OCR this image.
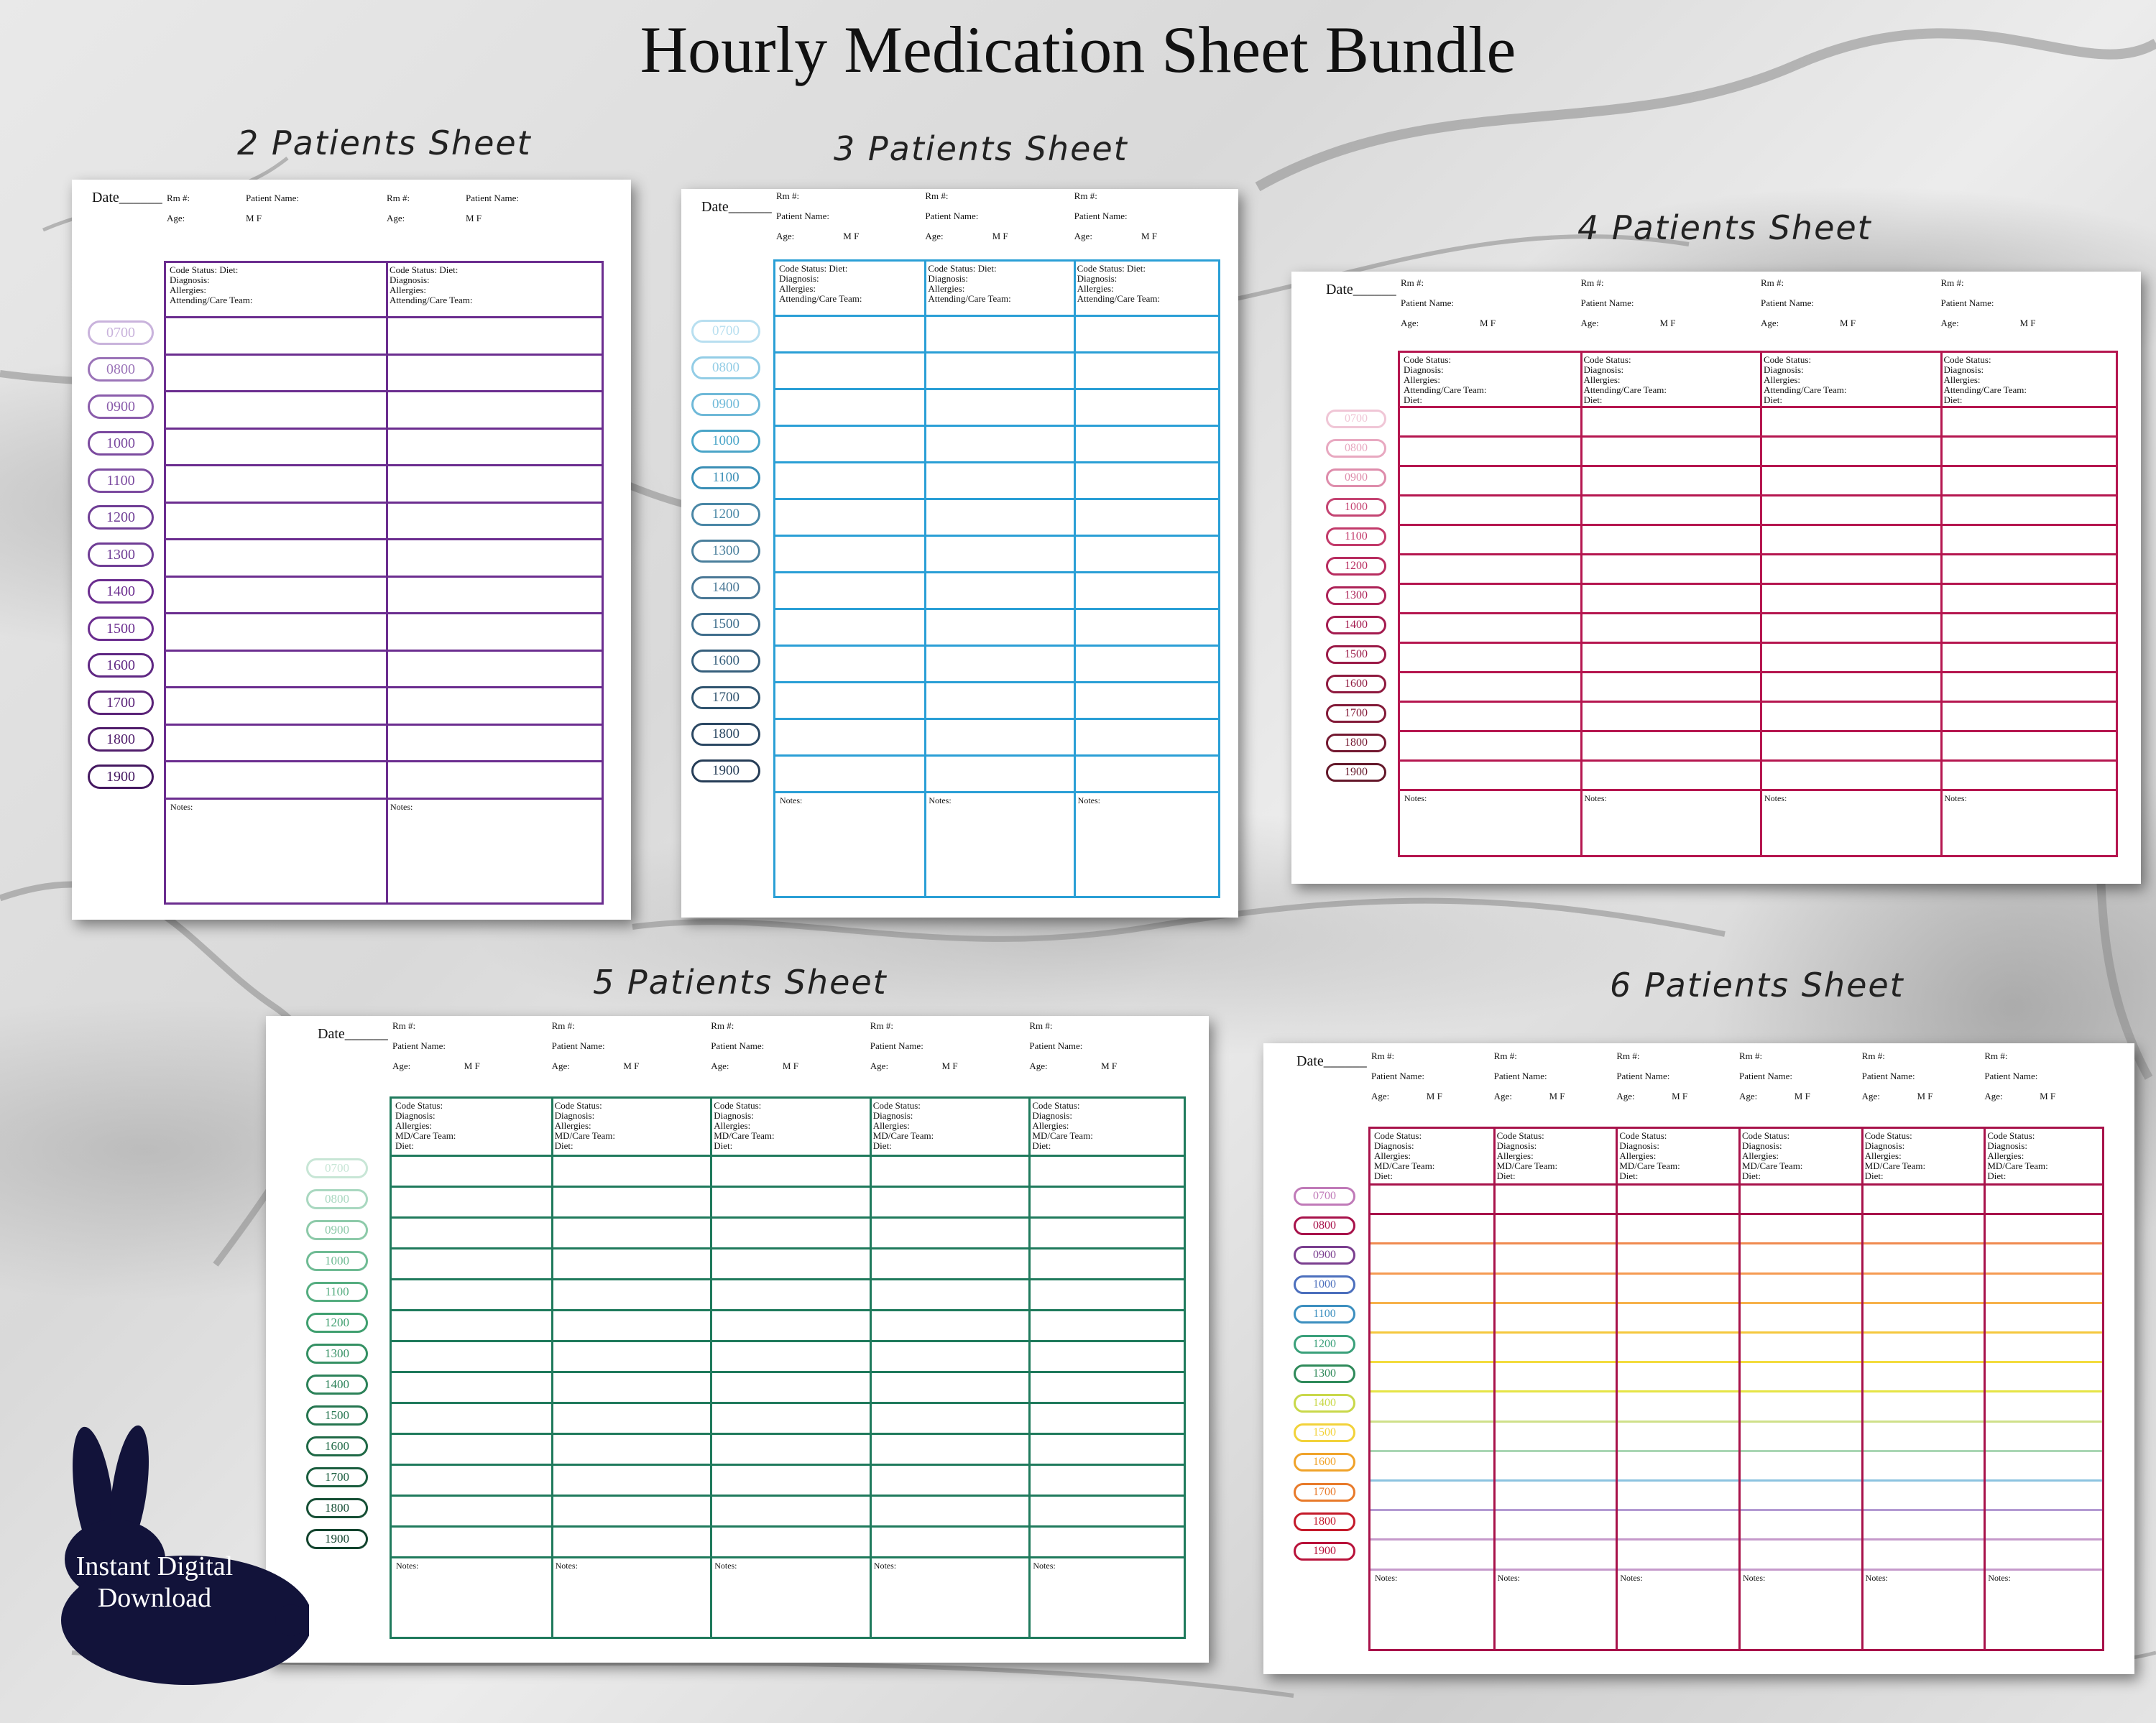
Hourly Medication Sheet Bundle
2 Patients Sheet
Date______ Rm #:	Patient Name:
Age:	M F
Rm #:	Patient Name:
Age:	M F
Code Status: Diet:
Diagnosis:
Allergies:
Attending/Care Team:
Code Status: Diet:
Diagnosis:
Allergies:
Attending/Care Team:
Notes:	Notes:
0700
0800
0900
1000
1100
1200
1300
1400
1500
1600
1700
1800
1900
3 Patients Sheet
Date______
Rm #:
Patient Name:
Age:	M F
Rm #:
Patient Name:
Age:	M F
Rm #:
Patient Name:
Age:	M F
Code Status: Diet:
Diagnosis:
Allergies:
Attending/Care Team:
Code Status: Diet:
Diagnosis:
Allergies:
Attending/Care Team:
Code Status: Diet:
Diagnosis:
Allergies:
Attending/Care Team:
Notes:	Notes:	Notes:
0700
0800
0900
1000
1100
1200
1300
1400
1500
1600
1700
1800
1900
4 Patients Sheet
Date______ Rm #:
Patient Name:
Age:	M F
Rm #:
Patient Name:
Age:	M F
Rm #:
Patient Name:
Age:	M F
Rm #:
Patient Name:
Age:	M F
Code Status:
Diagnosis:
Allergies:
Attending/Care Team:
Diet:
Code Status:
Diagnosis:
Allergies:
Attending/Care Team:
Diet:
Code Status:
Diagnosis:
Allergies:
Attending/Care Team:
Diet:
Code Status:
Diagnosis:
Allergies:
Attending/Care Team:
Diet:
Notes:	Notes:	Notes:	Notes:
0700
0800
0900
1000
1100
1200
1300
1400
1500
1600
1700
1800
1900
5 Patients Sheet
Date______
Rm #:
Patient Name:
Age:	M F
Rm #:
Patient Name:
Age:	M F
Rm #:
Patient Name:
Age:	M F
Rm #:
Patient Name:
Age:	M F
Rm #:
Patient Name:
Age:	M F
Code Status:
Diagnosis:
Allergies:
MD/Care Team:
Diet:
Code Status:
Diagnosis:
Allergies:
MD/Care Team:
Diet:
Code Status:
Diagnosis:
Allergies:
MD/Care Team:
Diet:
Code Status:
Diagnosis:
Allergies:
MD/Care Team:
Diet:
Code Status:
Diagnosis:
Allergies:
MD/Care Team:
Diet:
Notes:	Notes:	Notes:	Notes:	Notes:
0700
0800
0900
1000
1100
1200
1300
1400
1500
1600
1700
1800
1900
6 Patients Sheet
Date______ Rm #:
Patient Name:
Age:	M F
Rm #:
Patient Name:
Age:	M F
Rm #:
Patient Name:
Age:	M F
Rm #:
Patient Name:
Age:	M F
Rm #:
Patient Name:
Age:	M F
Rm #:
Patient Name:
Age:	M F
Code Status:
Diagnosis:
Allergies:
MD/Care Team:
Diet:
Code Status:
Diagnosis:
Allergies:
MD/Care Team:
Diet:
Code Status:
Diagnosis:
Allergies:
MD/Care Team:
Diet:
Code Status:
Diagnosis:
Allergies:
MD/Care Team:
Diet:
Code Status:
Diagnosis:
Allergies:
MD/Care Team:
Diet:
Code Status:
Diagnosis:
Allergies:
MD/Care Team:
Diet:
Notes:	Notes:	Notes:	Notes:	Notes:	Notes:
0700
0800
0900
1000
1100
1200
1300
1400
1500
1600
1700
1800
1900
Instant Digital
Download
